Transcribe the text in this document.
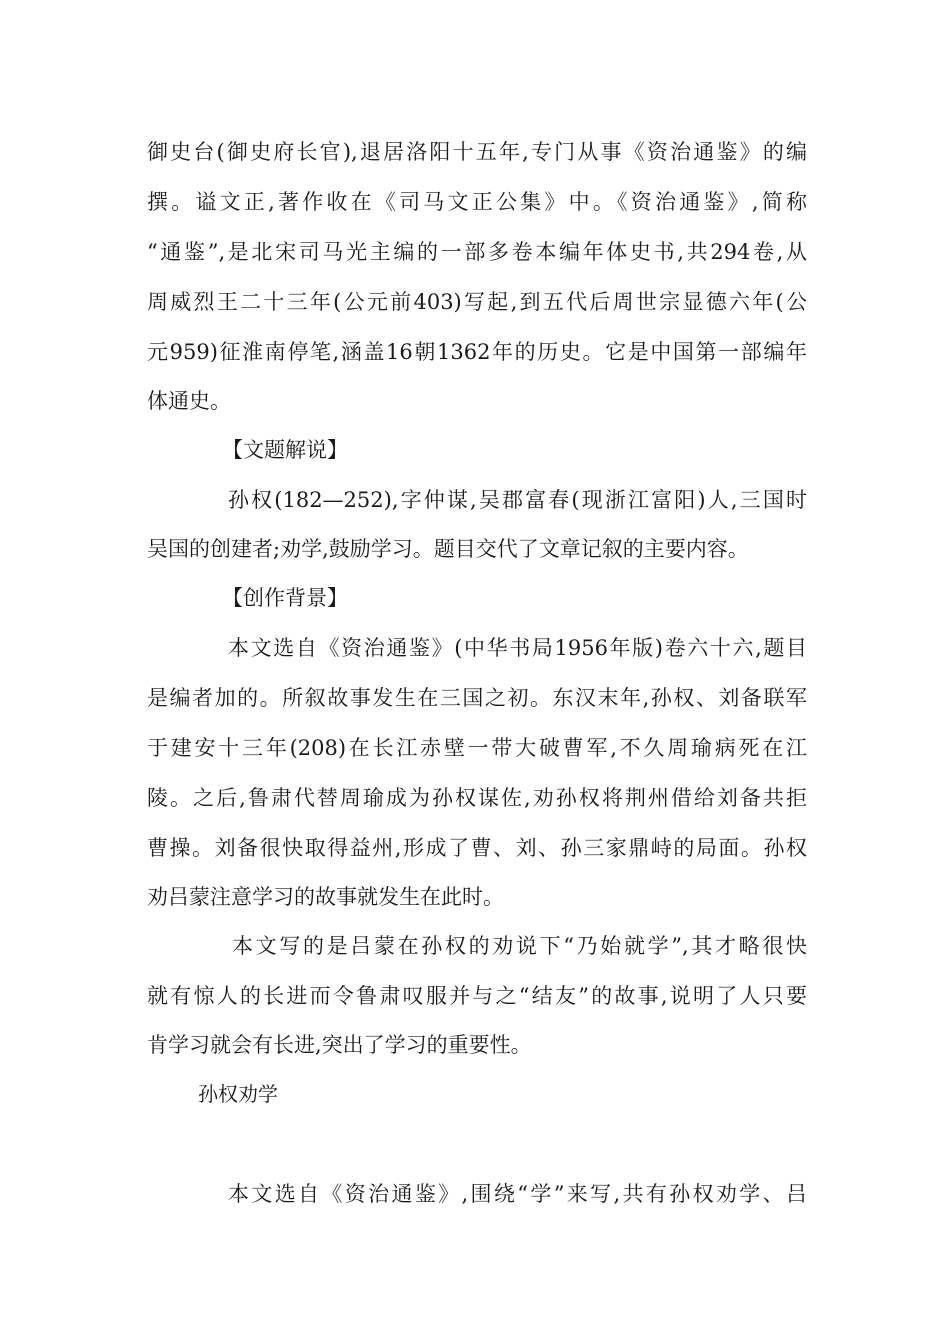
御史台(御史府长官),退居洛阳十五年,专门从事《资治通鉴》的编
撰。谥文正,著作收在《司马文正公集》中。《资治通鉴》,简称
“通鉴”,是北宋司马光主编的一部多卷本编年体史书,共294卷,从
周威烈王二十三年(公元前403)写起,到五代后周世宗显德六年(公
元959)征淮南停笔,涵盖16朝1362年的历史。它是中国第一部编年
体通史。
【文题解说】
孙权(182—252),字仲谋,吴郡富春(现浙江富阳)人,三国时
吴国的创建者;劝学,鼓励学习。题目交代了文章记叙的主要内容。
【创作背景】
本文选自《资治通鉴》(中华书局1956年版)卷六十六,题目
是编者加的。所叙故事发生在三国之初。东汉末年,孙权、刘备联军
于建安十三年(208)在长江赤壁一带大破曹军,不久周瑜病死在江
陵。之后,鲁肃代替周瑜成为孙权谋佐,劝孙权将荆州借给刘备共拒
曹操。刘备很快取得益州,形成了曹、刘、孙三家鼎峙的局面。孙权
劝吕蒙注意学习的故事就发生在此时。
本文写的是吕蒙在孙权的劝说下“乃始就学”,其才略很快
就有惊人的长进而令鲁肃叹服并与之“结友”的故事,说明了人只要
肯学习就会有长进,突出了学习的重要性。
孙权劝学
本文选自《资治通鉴》,围绕“学”来写,共有孙权劝学、吕
